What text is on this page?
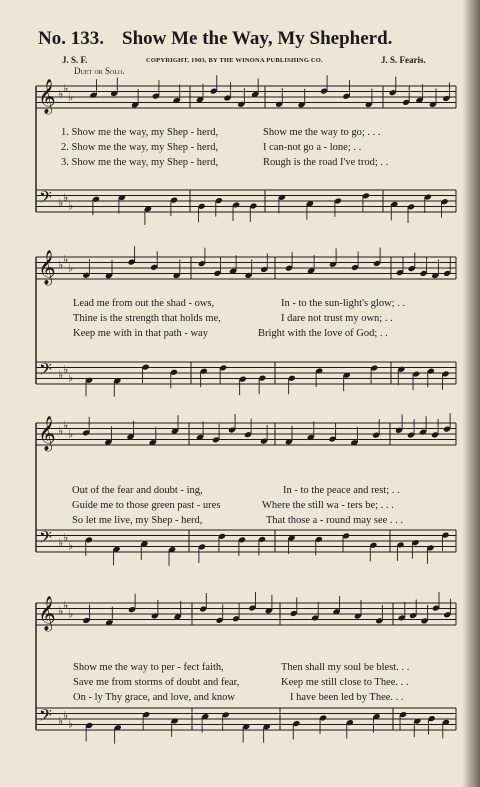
No. 133. Show Me the Way, My Shepherd.
J. S. F.	COPYRIGHT, 1903, BY THE WINONA PUBLISHING CO.	J. S. Fearis.
Duet or Solo.
1. Show me the way, my Shep - herd,	Show me the way to go; . . .
2. Show me the way, my Shep - herd,	I can-not go a - lone; . .
3. Show me the way, my Shep - herd,	Rough is the road I've trod; . .
Lead me from out the shad - ows,	In - to the sun-light's glow; . .
Thine is the strength that holds me,	I dare not trust my own; . .
Keep me with in that path - way	Bright with the love of God; . .
Out of the fear and doubt - ing,	In - to the peace and rest; . .
Guide me to those green past - ures	Where the still wa - ters be; . . .
So let me live, my Shep - herd,	That those a - round may see . . .
Show me the way to per - fect faith,	Then shall my soul be blest. . .
Save me from storms of doubt and fear,	Keep me still close to Thee. . .
On - ly Thy grace, and love, and know	I have been led by Thee. . .
𝄞
𝄢
♭ ♭
♭
♭ ♭
♭
𝄞
𝄢
♭ ♭
♭
♭ ♭
♭
𝄞
𝄢
♭ ♭
♭
♭ ♭
♭
𝄞
𝄢
♭ ♭
♭
♭ ♭
♭
